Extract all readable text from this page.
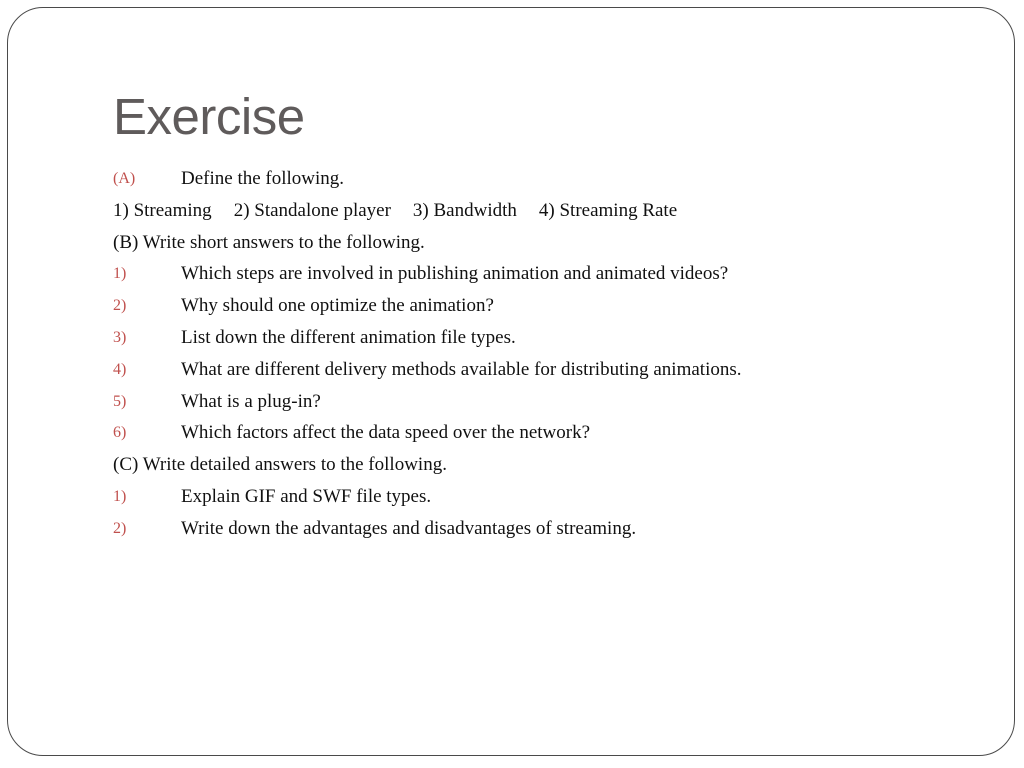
Exercise
(A) Define the following.
1) Streaming 2) Standalone player 3) Bandwidth 4) Streaming Rate
(B) Write short answers to the following.
1)	Which steps are involved in publishing animation and animated videos?
2)	Why should one optimize the animation?
3)	List down the different animation file types.
4)	What are different delivery methods available for distributing animations.
5)	What is a plug-in?
6)	Which factors affect the data speed over the network?
(C) Write detailed answers to the following.
1)	Explain GIF and SWF file types.
2)	Write down the advantages and disadvantages of streaming.
